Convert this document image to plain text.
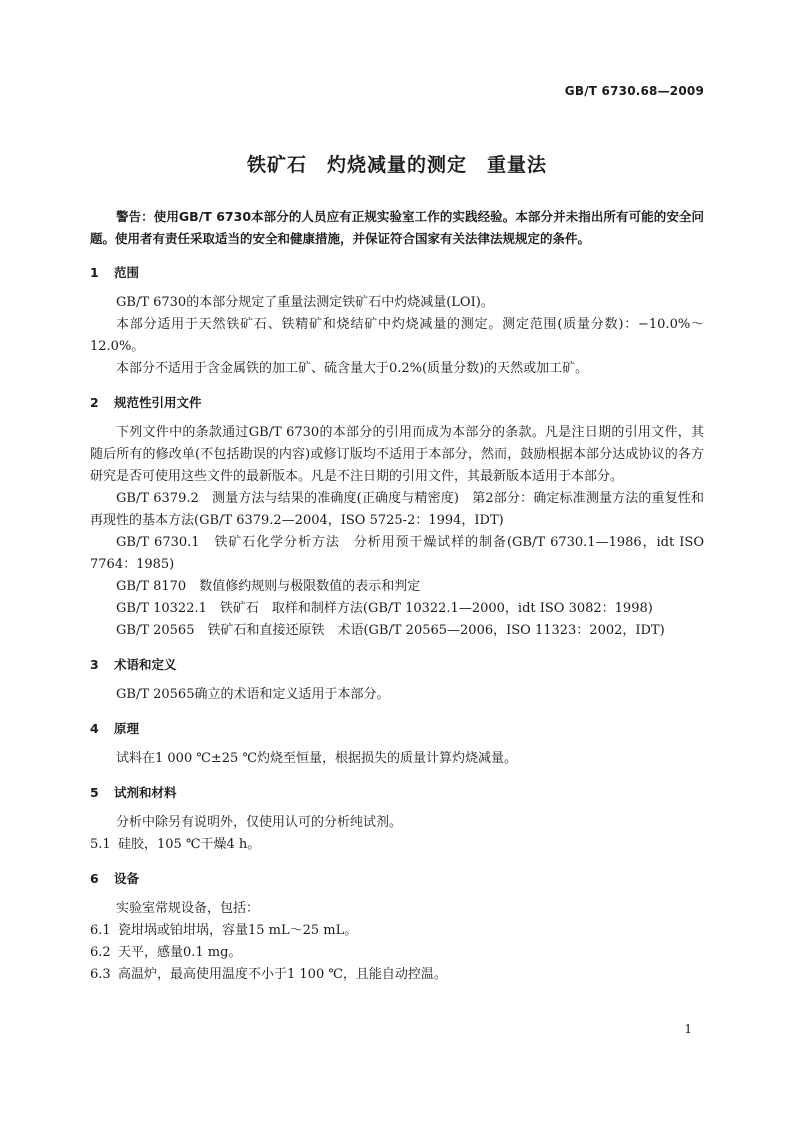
GB/T 6730.68—2009
铁矿石　灼烧减量的测定　重量法

警告：使用GB/T 6730本部分的人员应有正规实验室工作的实践经验。本部分并未指出所有可能的安全问题。使用者有责任采取适当的安全和健康措施，并保证符合国家有关法律法规规定的条件。

1 范围

GB/T 6730的本部分规定了重量法测定铁矿石中灼烧减量(LOI)。

本部分适用于天然铁矿石、铁精矿和烧结矿中灼烧减量的测定。测定范围(质量分数)：−10.0%～12.0%。

本部分不适用于含金属铁的加工矿、硫含量大于0.2%(质量分数)的天然或加工矿。

2 规范性引用文件

下列文件中的条款通过GB/T 6730的本部分的引用而成为本部分的条款。凡是注日期的引用文件，其随后所有的修改单(不包括勘误的内容)或修订版均不适用于本部分，然而，鼓励根据本部分达成协议的各方研究是否可使用这些文件的最新版本。凡是不注日期的引用文件，其最新版本适用于本部分。

GB/T 6379.2　测量方法与结果的准确度(正确度与精密度)　第2部分：确定标准测量方法的重复性和再现性的基本方法(GB/T 6379.2—2004，ISO 5725-2：1994，IDT)

GB/T 6730.1　铁矿石化学分析方法　分析用预干燥试样的制备(GB/T 6730.1—1986，idt ISO 7764：1985)

GB/T 8170　数值修约规则与极限数值的表示和判定

GB/T 10322.1　铁矿石　取样和制样方法(GB/T 10322.1—2000，idt ISO 3082：1998)

GB/T 20565　铁矿石和直接还原铁　术语(GB/T 20565—2006，ISO 11323：2002，IDT)

3 术语和定义

GB/T 20565确立的术语和定义适用于本部分。

4 原理

试料在1 000 ℃±25 ℃灼烧至恒量，根据损失的质量计算灼烧减量。

5 试剂和材料

分析中除另有说明外，仅使用认可的分析纯试剂。

5.1 硅胶，105 ℃干燥4 h。

6 设备

实验室常规设备，包括：

6.1 瓷坩埚或铂坩埚，容量15 mL～25 mL。

6.2 天平，感量0.1 mg。

6.3 高温炉，最高使用温度不小于1 100 ℃，且能自动控温。

1
